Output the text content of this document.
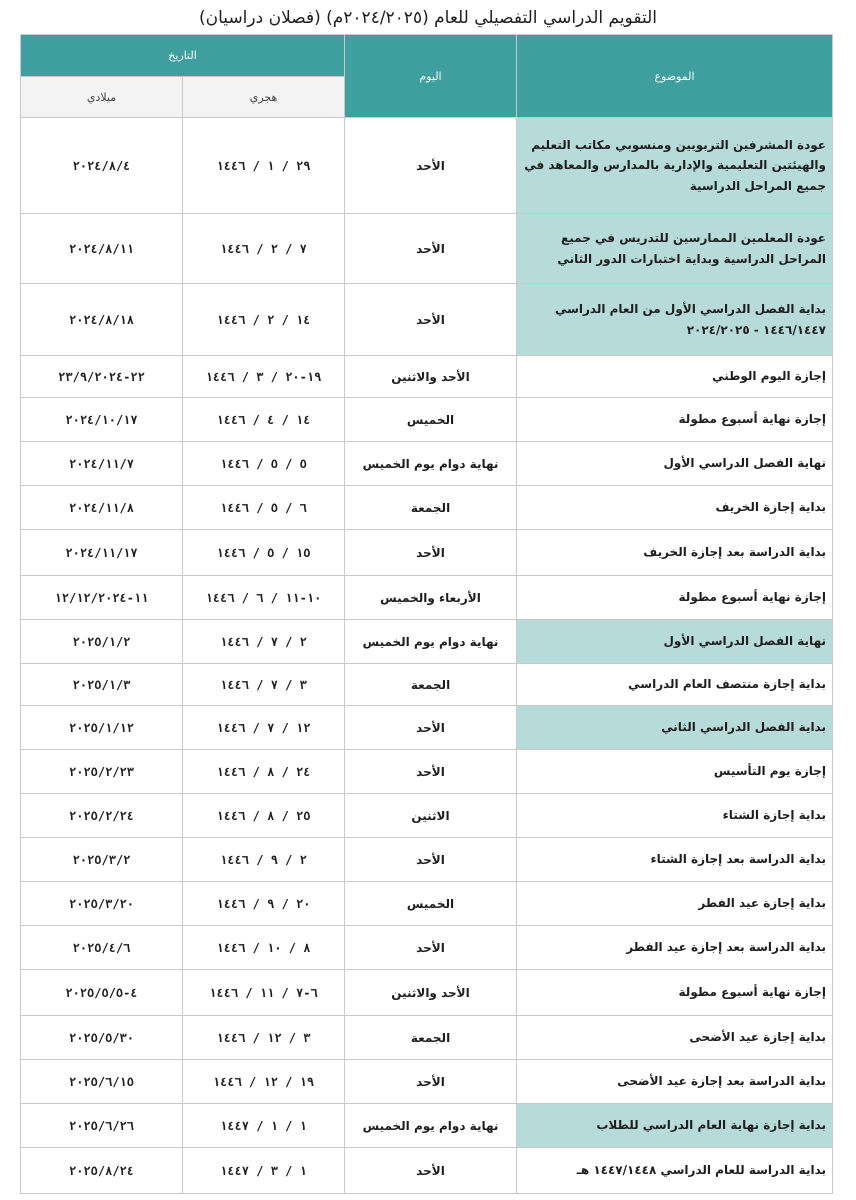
التقويم الدراسي التفصيلي للعام (٢٠٢٤/٢٠٢٥م) (فصلان دراسيان)
الموضوع	اليوم	التاريخ	
		هجري	ميلادي
عودة المشرفين التربويين ومنسوبي مكاتب التعليم والهيئتين التعليمية والإدارية بالمدارس والمعاهد في جميع المراحل الدراسية	الأحد	٢٩ / ١ / ١٤٤٦	٢٠٢٤/٨/٤
عودة المعلمين الممارسين للتدريس في جميع المراحل الدراسية وبداية اختبارات الدور الثاني	الأحد	٧ / ٢ / ١٤٤٦	٢٠٢٤/٨/١١
بداية الفصل الدراسي الأول من العام الدراسي ١٤٤٦/١٤٤٧ - ٢٠٢٤/٢٠٢٥	الأحد	١٤ / ٢ / ١٤٤٦	٢٠٢٤/٨/١٨
إجازة اليوم الوطني	الأحد والاثنين	١٩-٢٠ / ٣ / ١٤٤٦	٢٢-٢٣/٩/٢٠٢٤
إجازة نهاية أسبوع مطولة	الخميس	١٤ / ٤ / ١٤٤٦	٢٠٢٤/١٠/١٧
نهاية الفصل الدراسي الأول	نهاية دوام يوم الخميس	٥ / ٥ / ١٤٤٦	٢٠٢٤/١١/٧
بداية إجازة الخريف	الجمعة	٦ / ٥ / ١٤٤٦	٢٠٢٤/١١/٨
بداية الدراسة بعد إجازة الخريف	الأحد	١٥ / ٥ / ١٤٤٦	٢٠٢٤/١١/١٧
إجازة نهاية أسبوع مطولة	الأربعاء والخميس	١٠-١١ / ٦ / ١٤٤٦	١١-١٢/١٢/٢٠٢٤
نهاية الفصل الدراسي الأول	نهاية دوام يوم الخميس	٢ / ٧ / ١٤٤٦	٢٠٢٥/١/٢
بداية إجازة منتصف العام الدراسي	الجمعة	٣ / ٧ / ١٤٤٦	٢٠٢٥/١/٣
بداية الفصل الدراسي الثاني	الأحد	١٢ / ٧ / ١٤٤٦	٢٠٢٥/١/١٢
إجازة يوم التأسيس	الأحد	٢٤ / ٨ / ١٤٤٦	٢٠٢٥/٢/٢٣
بداية إجازة الشتاء	الاثنين	٢٥ / ٨ / ١٤٤٦	٢٠٢٥/٢/٢٤
بداية الدراسة بعد إجازة الشتاء	الأحد	٢ / ٩ / ١٤٤٦	٢٠٢٥/٣/٢
بداية إجازة عيد الفطر	الخميس	٢٠ / ٩ / ١٤٤٦	٢٠٢٥/٣/٢٠
بداية الدراسة بعد إجازة عيد الفطر	الأحد	٨ / ١٠ / ١٤٤٦	٢٠٢٥/٤/٦
إجازة نهاية أسبوع مطولة	الأحد والاثنين	٦-٧ / ١١ / ١٤٤٦	٤-٢٠٢٥/٥/٥
بداية إجازة عيد الأضحى	الجمعة	٣ / ١٢ / ١٤٤٦	٢٠٢٥/٥/٣٠
بداية الدراسة بعد إجازة عيد الأضحى	الأحد	١٩ / ١٢ / ١٤٤٦	٢٠٢٥/٦/١٥
بداية إجازة نهاية العام الدراسي للطلاب	نهاية دوام يوم الخميس	١ / ١ / ١٤٤٧	٢٠٢٥/٦/٢٦
بداية الدراسة للعام الدراسي ١٤٤٧/١٤٤٨ هـ	الأحد	١ / ٣ / ١٤٤٧	٢٠٢٥/٨/٢٤
